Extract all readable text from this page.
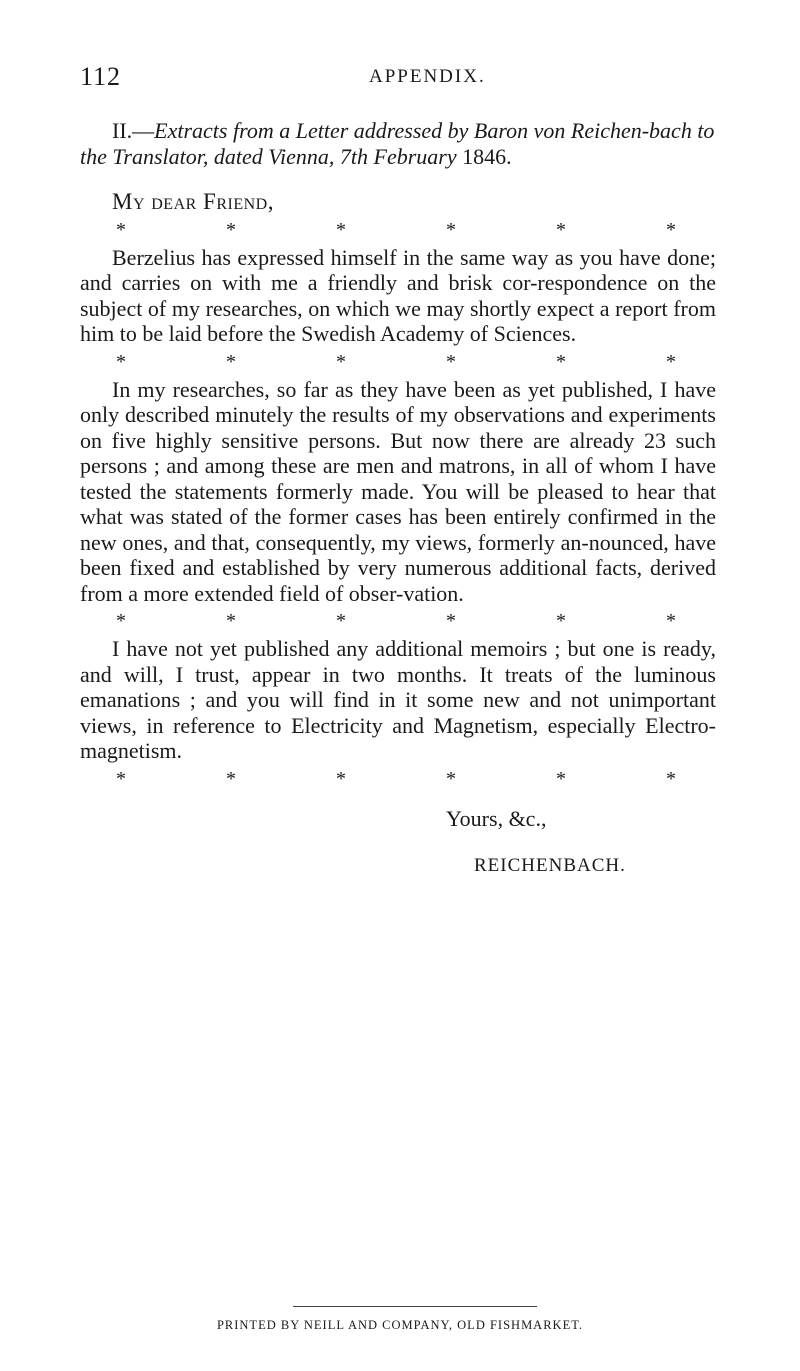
112	APPENDIX.

II.—Extracts from a Letter addressed by Baron von Reichen-bach to the Translator, dated Vienna, 7th February 1846.

My dear Friend,

*	*	*	*	*	*

Berzelius has expressed himself in the same way as you have done; and carries on with me a friendly and brisk cor-respondence on the subject of my researches, on which we may shortly expect a report from him to be laid before the Swedish Academy of Sciences.

*	*	*	*	*	*

In my researches, so far as they have been as yet published, I have only described minutely the results of my observations and experiments on five highly sensitive persons. But now there are already 23 such persons ; and among these are men and matrons, in all of whom I have tested the statements formerly made. You will be pleased to hear that what was stated of the former cases has been entirely confirmed in the new ones, and that, consequently, my views, formerly an-nounced, have been fixed and established by very numerous additional facts, derived from a more extended field of obser-vation.

*	*	*	*	*	*

I have not yet published any additional memoirs ; but one is ready, and will, I trust, appear in two months. It treats of the luminous emanations ; and you will find in it some new and not unimportant views, in reference to Electricity and Magnetism, especially Electro-magnetism.

*	*	*	*	*	*

Yours, &c.,

REICHENBACH.

PRINTED BY NEILL AND COMPANY, OLD FISHMARKET.
